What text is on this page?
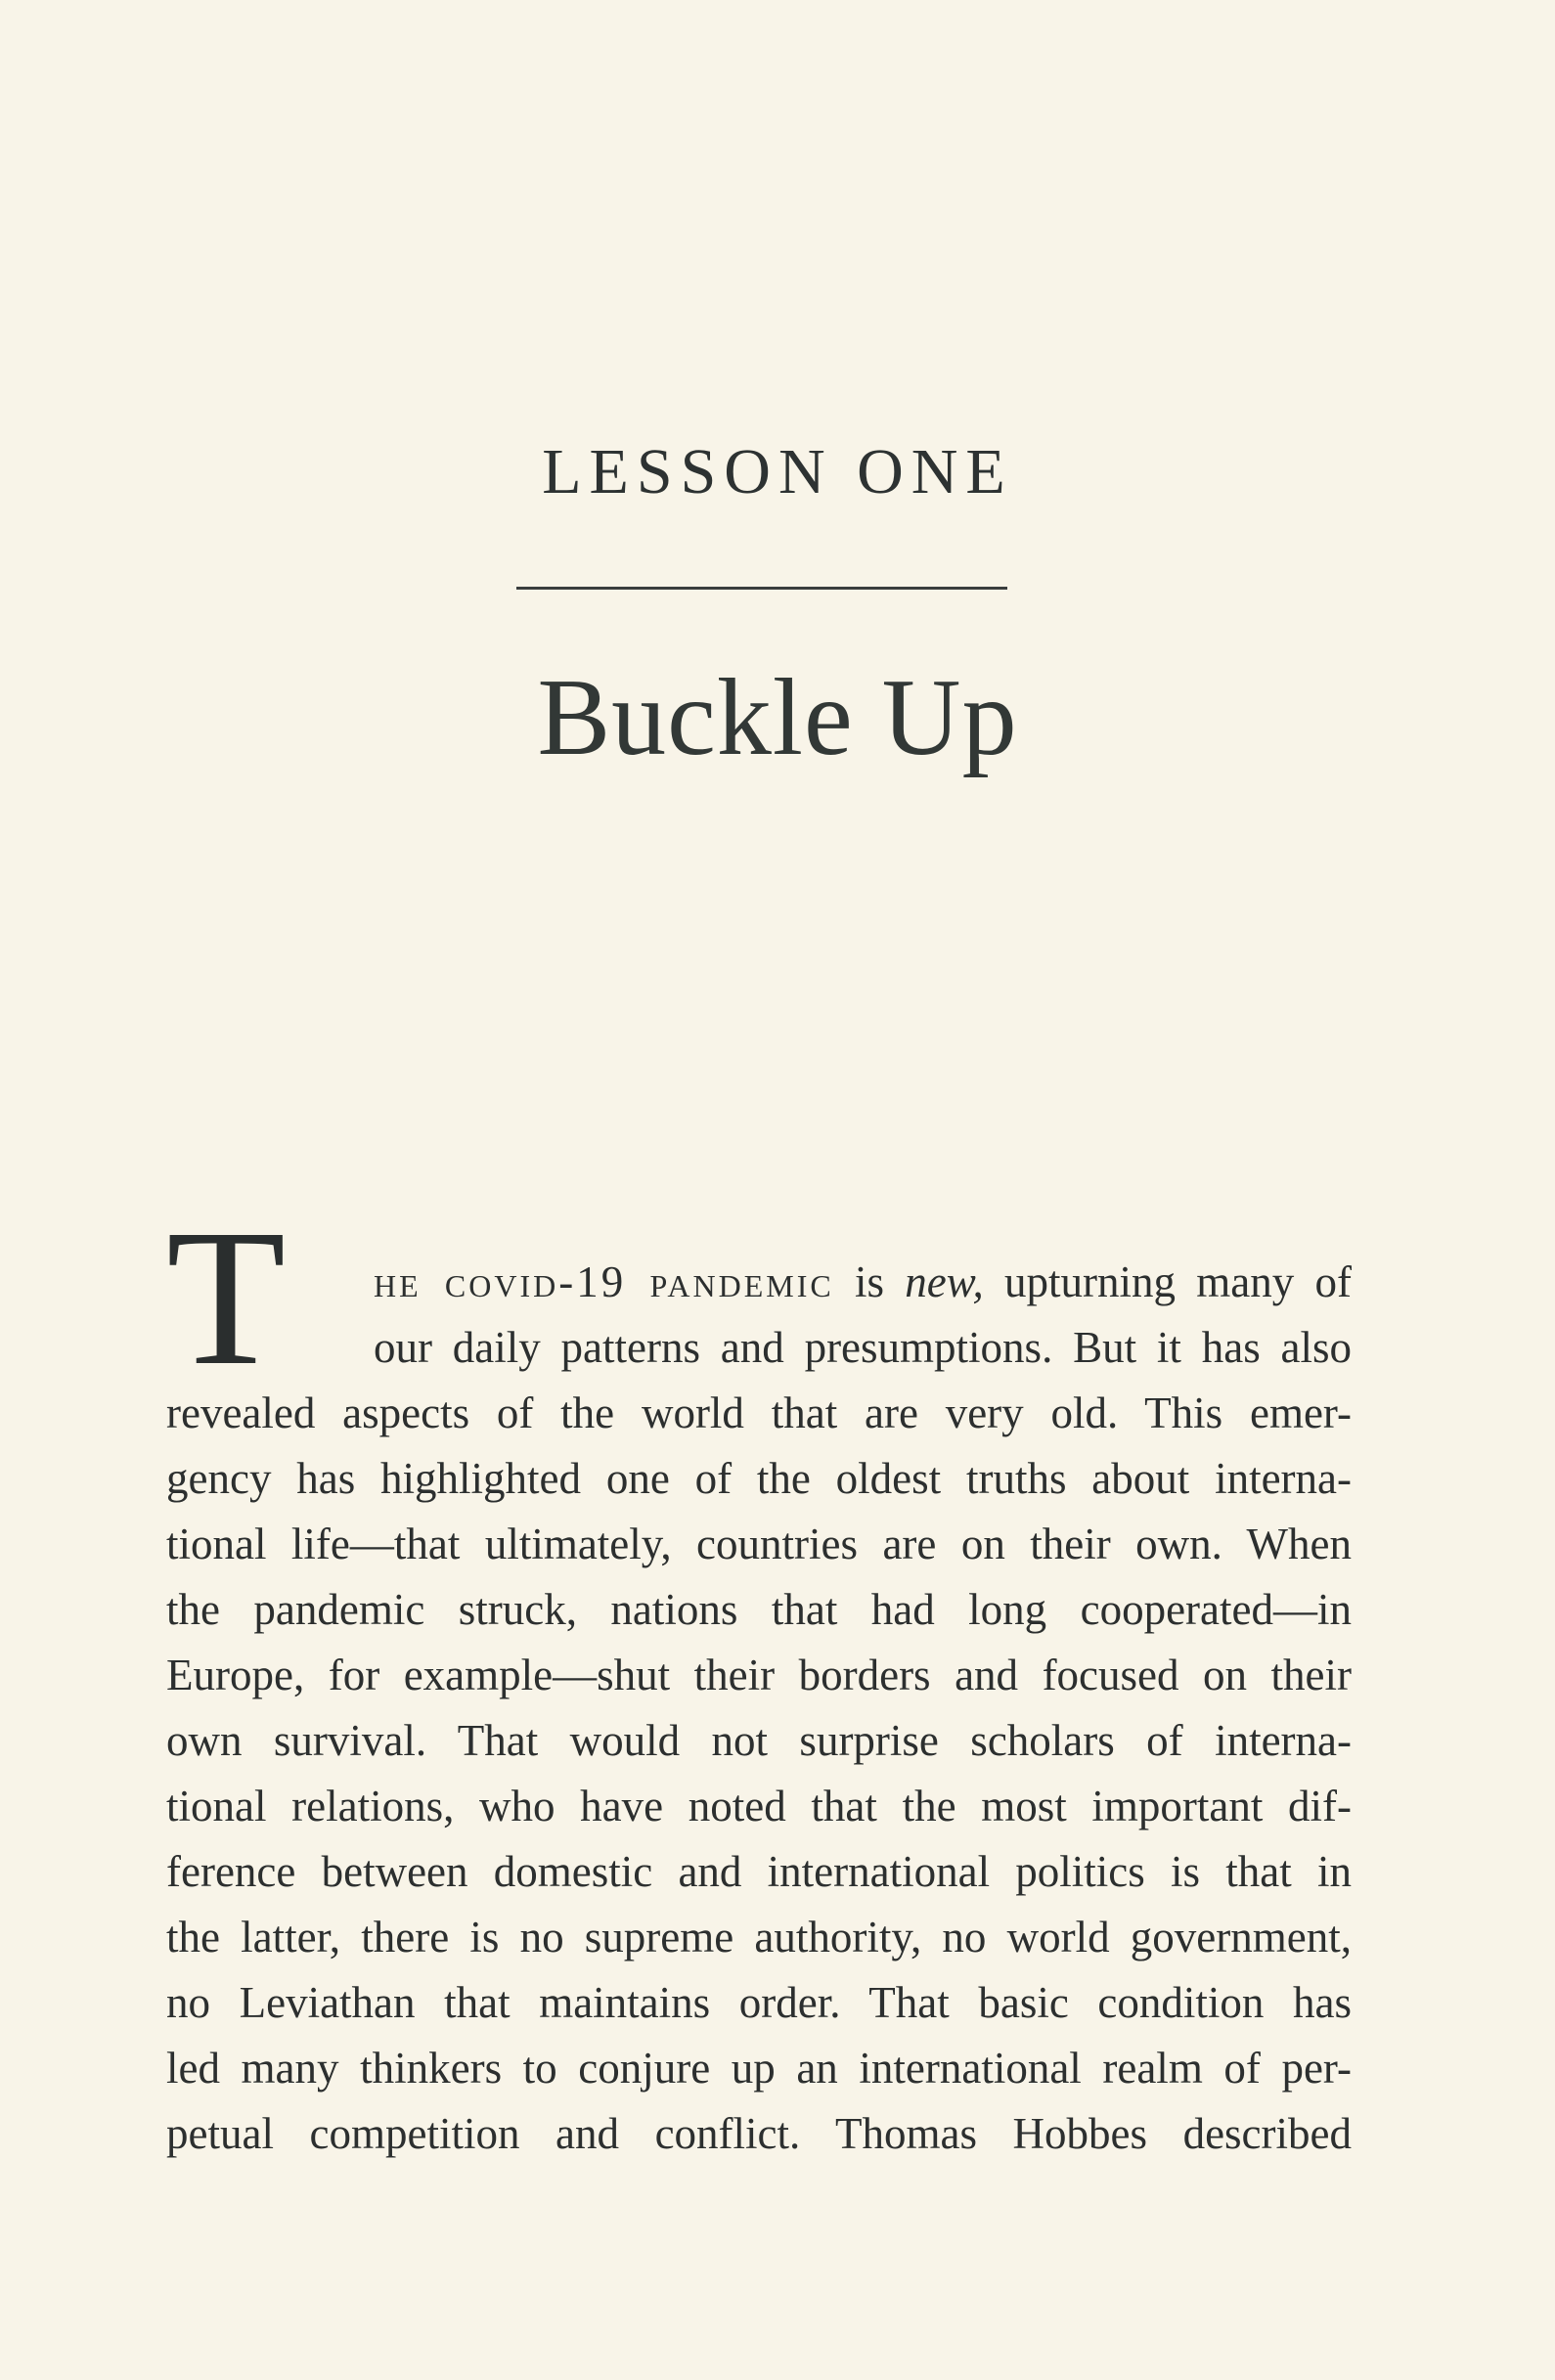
LESSON ONE
Buckle Up
T he covid-19 pandemic is new, upturning many of
our daily patterns and presumptions. But it has also
revealed aspects of the world that are very old. This emer-
gency has highlighted one of the oldest truths about interna-
tional life—that ultimately, countries are on their own. When
the pandemic struck, nations that had long cooperated—in
Europe, for example—shut their borders and focused on their
own survival. That would not surprise scholars of interna-
tional relations, who have noted that the most important dif-
ference between domestic and international politics is that in
the latter, there is no supreme authority, no world government,
no Leviathan that maintains order. That basic condition has
led many thinkers to conjure up an international realm of per-
petual competition and conflict. Thomas Hobbes described
